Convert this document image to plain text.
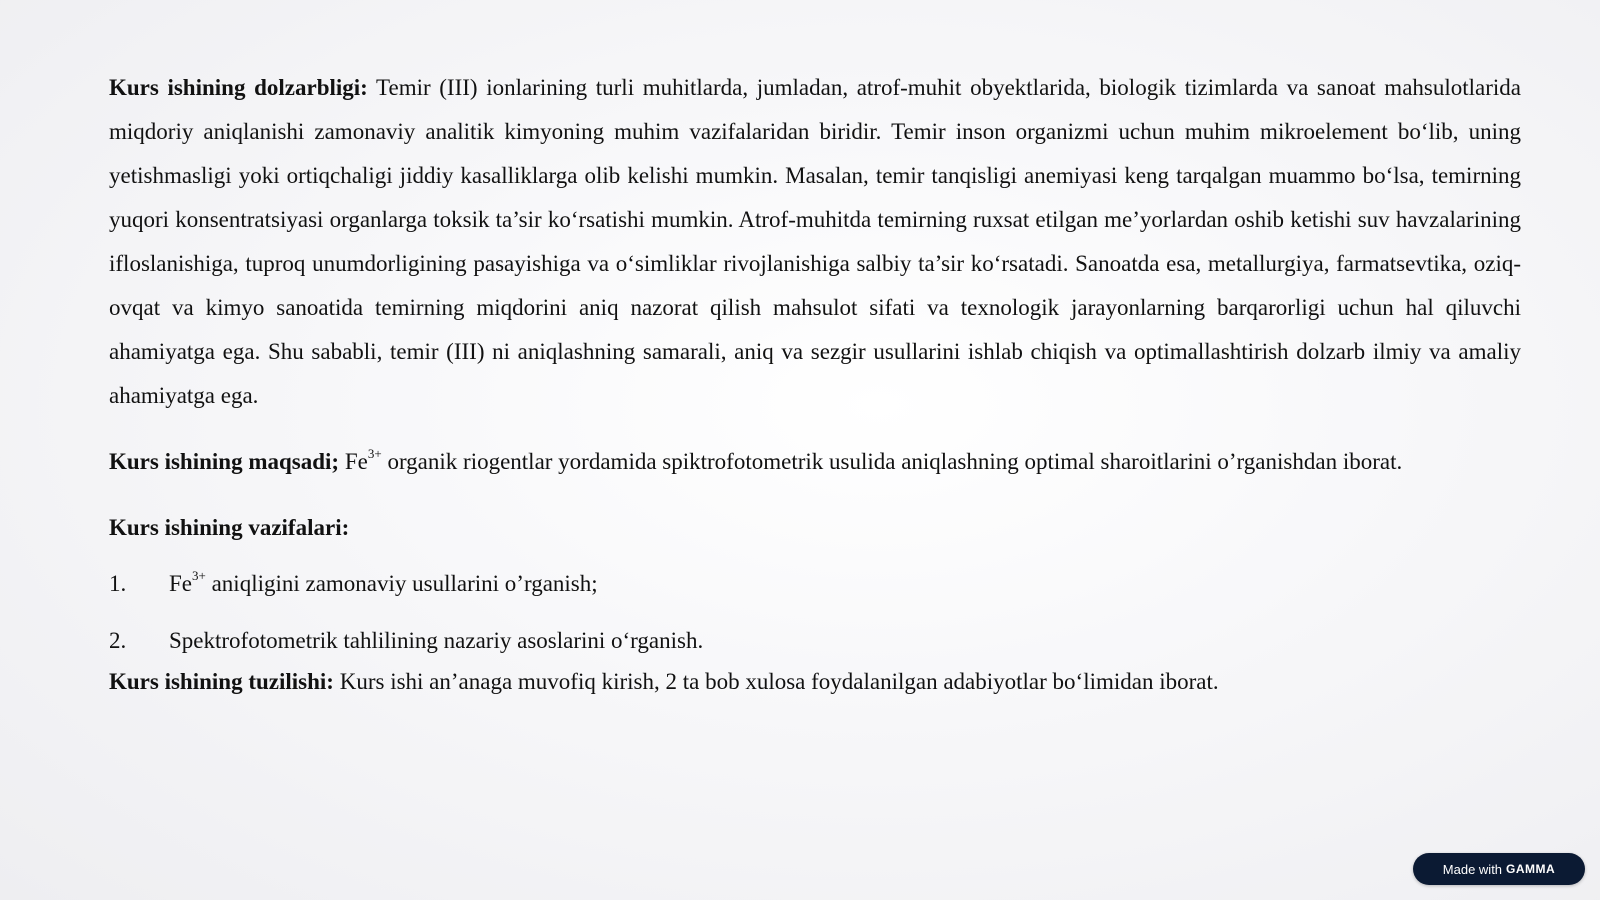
Kurs ishining dolzarbligi: Temir (III) ionlarining turli muhitlarda, jumladan, atrof-muhit obyektlarida, biologik tizimlarda va sanoat mahsulotlarida miqdoriy aniqlanishi zamonaviy analitik kimyoning muhim vazifalaridan biridir. Temir inson organizmi uchun muhim mikroelement bo‘lib, uning yetishmasligi yoki ortiqchaligi jiddiy kasalliklarga olib kelishi mumkin. Masalan, temir tanqisligi anemiyasi keng tarqalgan muammo bo‘lsa, temirning yuqori konsentratsiyasi organlarga toksik ta’sir ko‘rsatishi mumkin. Atrof-muhitda temirning ruxsat etilgan me’yorlardan oshib ketishi suv havzalarining ifloslanishiga, tuproq unumdorligining pasayishiga va o‘simliklar rivojlanishiga salbiy ta’sir ko‘rsatadi. Sanoatda esa, metallurgiya, farmatsevtika, oziq-ovqat va kimyo sanoatida temirning miqdorini aniq nazorat qilish mahsulot sifati va texnologik jarayonlarning barqarorligi uchun hal qiluvchi ahamiyatga ega. Shu sababli, temir (III) ni aniqlashning samarali, aniq va sezgir usullarini ishlab chiqish va optimallashtirish dolzarb ilmiy va amaliy ahamiyatga ega.

Kurs ishining maqsadi; $Fe^{3+}$ organik riogentlar yordamida spiktrofotometrik usulida aniqlashning optimal sharoitlarini o’rganishdan iborat.

Kurs ishining vazifalari:

1.	$Fe^{3+}$ aniqligini zamonaviy usullarini o’rganish;
2.	Spektrofotometrik tahlilining nazariy asoslarini o‘rganish.

Kurs ishining tuzilishi: Kurs ishi an’anaga muvofiq kirish, 2 ta bob xulosa foydalanilgan adabiyotlar bo‘limidan iborat.

Made with GAMMA
